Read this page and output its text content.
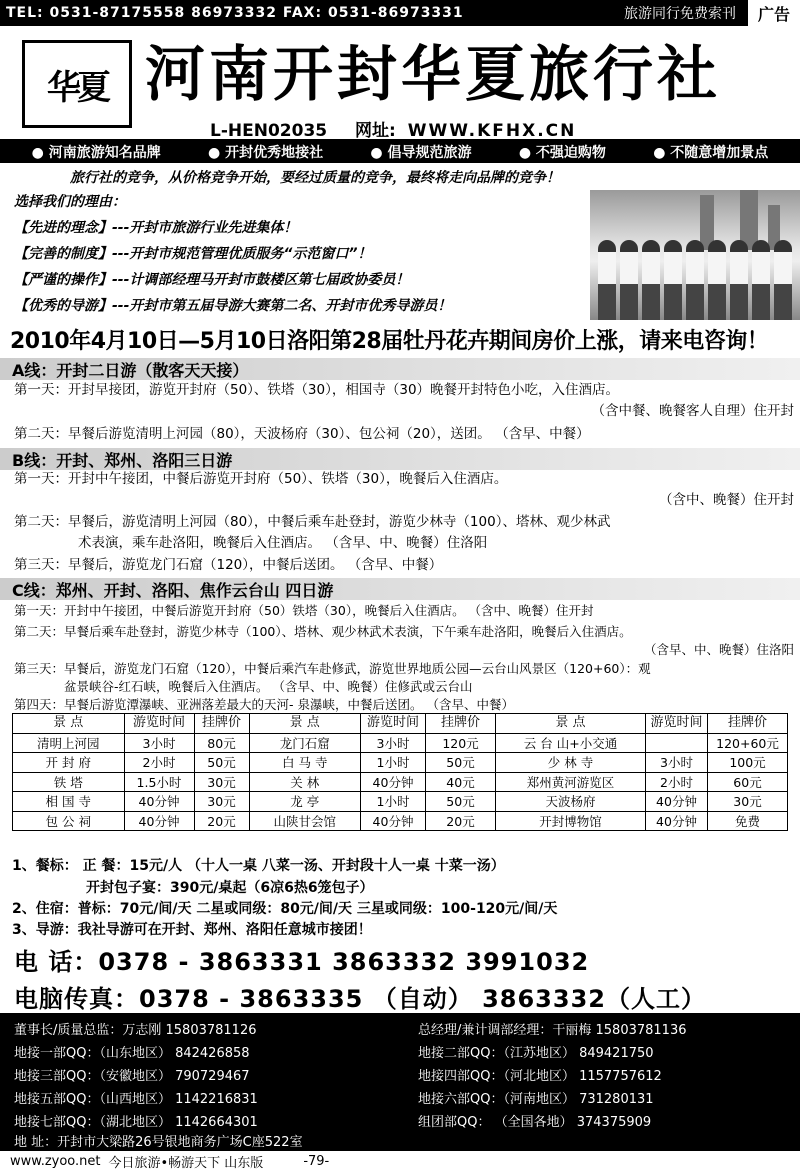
TEL: 0531-87175558 86973332 FAX: 0531-86973331	旅游同行免费索刊	广告
华夏 河南开封华夏旅行社
L-HEN02035 网址: WWW.KFHX.CN
● 河南旅游知名品牌	● 开封优秀地接社	● 倡导规范旅游	● 不强迫购物	● 不随意增加景点
旅行社的竞争，从价格竞争开始，要经过质量的竞争，最终将走向品牌的竞争！
选择我们的理由：
【先进的理念】---开封市旅游行业先进集体！
【完善的制度】---开封市规范管理优质服务“示范窗口”！
【严谨的操作】---计调部经理马开封市鼓楼区第七届政协委员！
【优秀的导游】---开封市第五届导游大赛第二名、开封市优秀导游员！
2010年4月10日—5月10日洛阳第28届牡丹花卉期间房价上涨，请来电咨询！
A线：开封二日游（散客天天接）
第一天：开封早接团，游览开封府（50）、铁塔（30），相国寺（30）晚餐开封特色小吃，入住酒店。
（含中餐、晚餐客人自理）住开封
第二天：早餐后游览清明上河园（80），天波杨府（30）、包公祠（20），送团。 （含早、中餐）
B线：开封、郑州、洛阳三日游
第一天：开封中午接团，中餐后游览开封府（50）、铁塔（30），晚餐后入住酒店。
（含中、晚餐）住开封
第二天：早餐后，游览清明上河园（80），中餐后乘车赴登封，游览少林寺（100）、塔林、观少林武
术表演，乘车赴洛阳，晚餐后入住酒店。 （含早、中、晚餐）住洛阳
第三天：早餐后，游览龙门石窟（120），中餐后送团。 （含早、中餐）
C线：郑州、开封、洛阳、焦作云台山 四日游
第一天：开封中午接团，中餐后游览开封府（50）铁塔（30），晚餐后入住酒店。 （含中、晚餐）住开封
第二天：早餐后乘车赴登封，游览少林寺（100）、塔林、观少林武术表演，下午乘车赴洛阳，晚餐后入住酒店。
（含早、中、晚餐）住洛阳
第三天：早餐后，游览龙门石窟（120），中餐后乘汽车赴修武，游览世界地质公园—云台山风景区（120+60）：观
盆景峡谷-红石峡，晚餐后入住酒店。 （含早、中、晚餐）住修武或云台山
第四天：早餐后游览潭瀑峡、亚洲落差最大的天河- 泉瀑峡，中餐后送团。 （含早、中餐）
景 点	游览时间	挂牌价	景 点	游览时间	挂牌价	景 点	游览时间	挂牌价
清明上河园	3小时	80元	龙门石窟	3小时	120元	云 台 山+小交通		120+60元
开 封 府	2小时	50元	白 马 寺	1小时	50元	少 林 寺	3小时	100元
铁 塔	1.5小时	30元	关 林	40分钟	40元	郑州黄河游览区	2小时	60元
相 国 寺	40分钟	30元	龙 亭	1小时	50元	天波杨府	40分钟	30元
包 公 祠	40分钟	20元	山陕甘会馆	40分钟	20元	开封博物馆	40分钟	免费
1、餐标： 正 餐：15元/人 （十人一桌 八菜一汤、开封段十人一桌 十菜一汤）
开封包子宴：390元/桌起（6凉6热6笼包子）
2、住宿：普标：70元/间/天 二星或同级：80元/间/天 三星或同级：100-120元/间/天
3、导游：我社导游可在开封、郑州、洛阳任意城市接团！
电 话：0378 - 3863331 3863332 3991032
电脑传真：0378 - 3863335 （自动） 3863332（人工）
董事长/质量总监：万志刚 15803781126	总经理/兼计调部经理：干丽梅 15803781136
地接一部QQ：（山东地区） 842426858	地接二部QQ：（江苏地区） 849421750
地接三部QQ：（安徽地区） 790729467	地接四部QQ：（河北地区） 1157757612
地接五部QQ：（山西地区） 1142216831	地接六部QQ：（河南地区） 731280131
地接七部QQ：（湖北地区） 1142664301	组团部QQ： （全国各地） 374375909
地 址：开封市大梁路26号银地商务广场C座522室
www.zyoo.net 今日旅游•畅游天下 山东版	-79-
